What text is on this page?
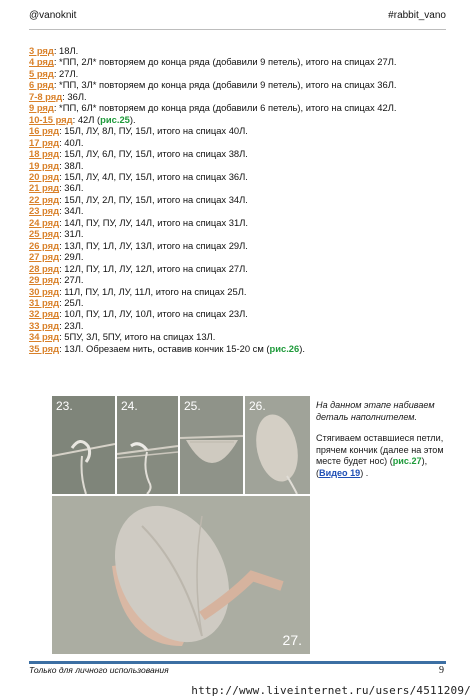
@vanoknit	#rabbit_vano
3 ряд: 18Л.
4 ряд: *ПП, 2Л* повторяем до конца ряда (добавили 9 петель), итого на спицах 27Л.
5 ряд: 27Л.
6 ряд: *ПП, 3Л* повторяем до конца ряда (добавили 9 петель), итого на спицах 36Л.
7-8 ряд: 36Л.
9 ряд: *ПП, 6Л* повторяем до конца ряда (добавили 6 петель), итого на спицах 42Л.
10-15 ряд: 42Л (рис.25).
16 ряд: 15Л, ЛУ, 8Л, ПУ, 15Л, итого на спицах 40Л.
17 ряд: 40Л.
18 ряд: 15Л, ЛУ, 6Л, ПУ, 15Л, итого на спицах 38Л.
19 ряд: 38Л.
20 ряд: 15Л, ЛУ, 4Л, ПУ, 15Л, итого на спицах 36Л.
21 ряд: 36Л.
22 ряд: 15Л, ЛУ, 2Л, ПУ, 15Л, итого на спицах 34Л.
23 ряд: 34Л.
24 ряд: 14Л, ПУ, ПУ, ЛУ, 14Л, итого на спицах 31Л.
25 ряд: 31Л.
26 ряд: 13Л, ПУ, 1Л, ЛУ, 13Л, итого на спицах 29Л.
27 ряд: 29Л.
28 ряд: 12Л, ПУ, 1Л, ЛУ, 12Л, итого на спицах 27Л.
29 ряд: 27Л.
30 ряд: 11Л, ПУ, 1Л, ЛУ, 11Л, итого на спицах 25Л.
31 ряд: 25Л.
32 ряд: 10Л, ПУ, 1Л, ЛУ, 10Л, итого на спицах 23Л.
33 ряд: 23Л.
34 ряд: 5ПУ, 3Л, 5ПУ, итого на спицах 13Л.
35 ряд: 13Л. Обрезаем нить, оставив кончик 15-20 см (рис.26).
23.	24.	25.	26.
27.

На данном этапе набиваем деталь наполнителем.

Стягиваем оставшиеся петли, прячем кончик (далее на этом месте будет нос) (рис.27), (Видео 19) .

Только для личного использования	9
http://www.liveinternet.ru/users/4511209/
